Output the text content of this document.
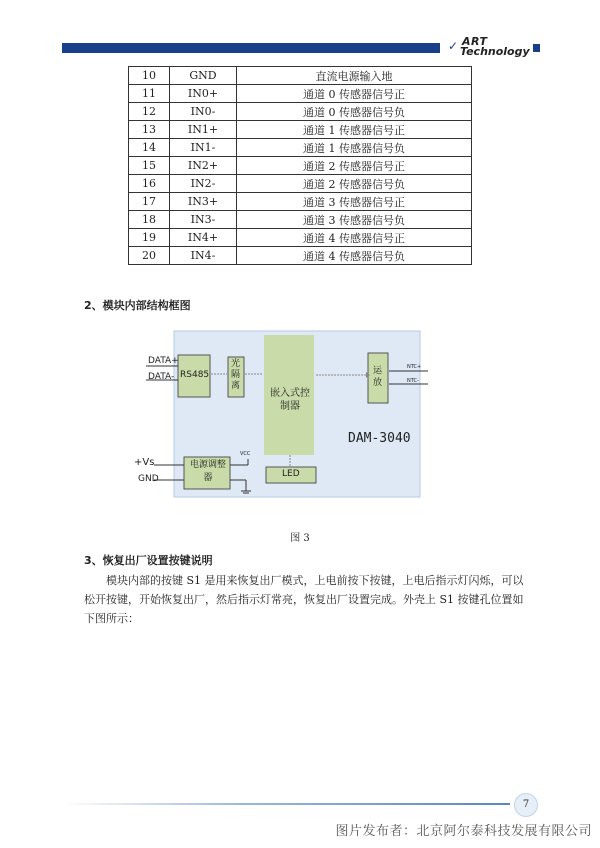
✓ ART
Technology
10	GND	直流电源输入地
11	IN0+	通道 0 传感器信号正
12	IN0-	通道 0 传感器信号负
13	IN1+	通道 1 传感器信号正
14	IN1-	通道 1 传感器信号负
15	IN2+	通道 2 传感器信号正
16	IN2-	通道 2 传感器信号负
17	IN3+	通道 3 传感器信号正
18	IN3-	通道 3 传感器信号负
19	IN4+	通道 4 传感器信号正
20	IN4-	通道 4 传感器信号负
2、模块内部结构框图
DATA+
DATA- RS485
光隔离
嵌入式控制器
运放
NTC+
NTC-
DAM-3040
+Vs
GND
VCC
电源调整器	LED
图 3
3、恢复出厂设置按键说明
模块内部的按键 S1 是用来恢复出厂模式，上电前按下按键，上电后指示灯闪烁，可以松开按键，开始恢复出厂，然后指示灯常亮，恢复出厂设置完成。外壳上 S1 按键孔位置如下图所示：
7
图片发布者：北京阿尔泰科技发展有限公司
